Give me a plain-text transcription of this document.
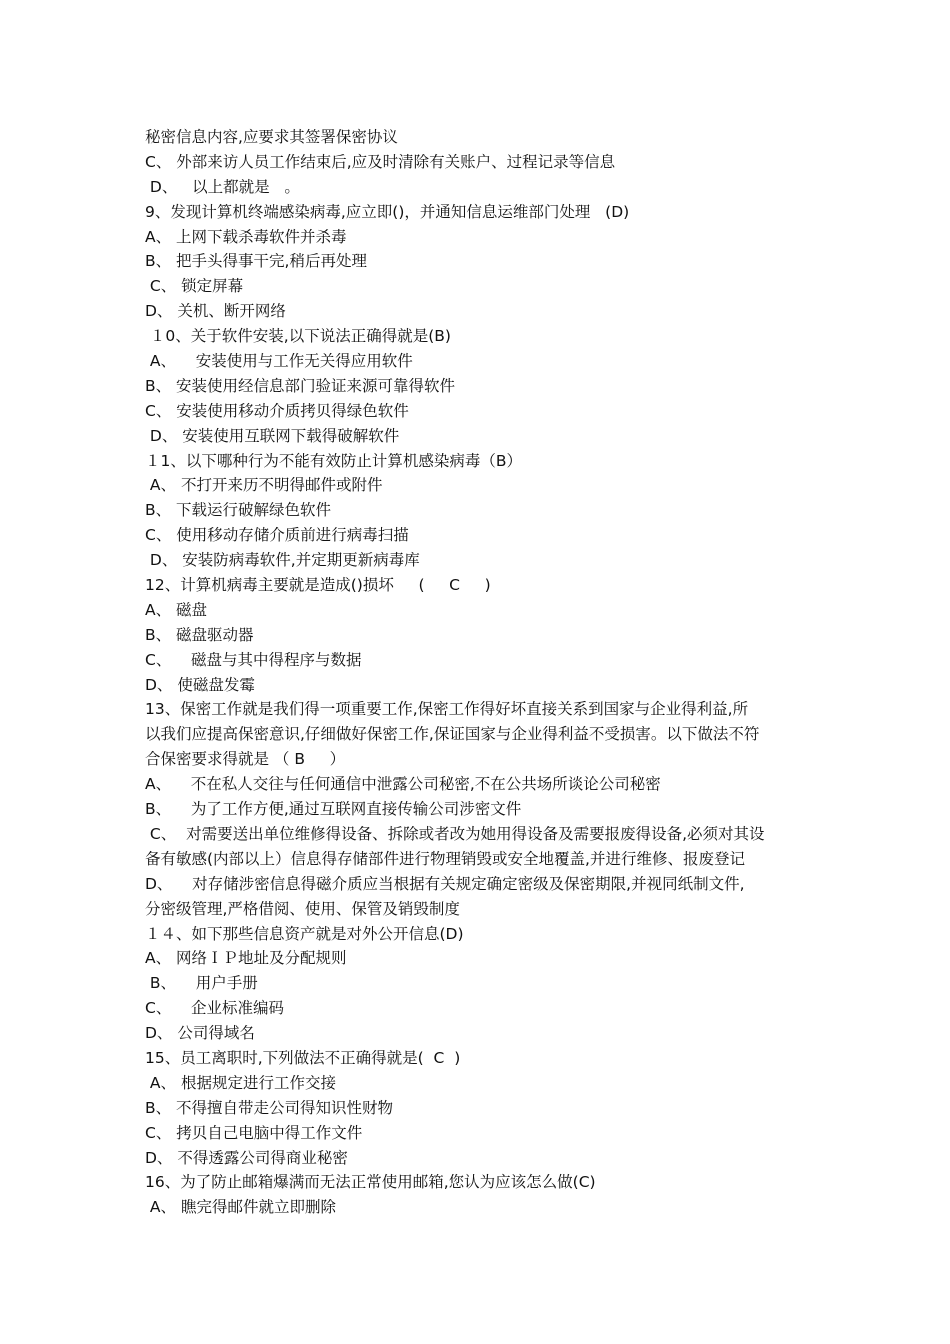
秘密信息内容,应要求其签署保密协议
C、 外部来访人员工作结束后,应及时清除有关账户、过程记录等信息
D、   以上都就是   。
9、发现计算机终端感染病毒,应立即()，并通知信息运维部门处理   (D)
A、 上网下载杀毒软件并杀毒
B、 把手头得事干完,稍后再处理
C、 锁定屏幕
D、 关机、断开网络
１0、关于软件安装,以下说法正确得就是(B)
A、    安装使用与工作无关得应用软件
B、 安装使用经信息部门验证来源可靠得软件
C、 安装使用移动介质拷贝得绿色软件
D、 安装使用互联网下载得破解软件
１1、以下哪种行为不能有效防止计算机感染病毒（B）
A、 不打开来历不明得邮件或附件
B、 下载运行破解绿色软件
C、 使用移动存储介质前进行病毒扫描
D、 安装防病毒软件,并定期更新病毒库
12、计算机病毒主要就是造成()损坏     (     C     )
A、 磁盘
B、 磁盘驱动器
C、    磁盘与其中得程序与数据
D、 使磁盘发霉
13、保密工作就是我们得一项重要工作,保密工作得好坏直接关系到国家与企业得利益,所
以我们应提高保密意识,仔细做好保密工作,保证国家与企业得利益不受损害。以下做法不符
合保密要求得就是 （ B     ）
A、    不在私人交往与任何通信中泄露公司秘密,不在公共场所谈论公司秘密
B、    为了工作方便,通过互联网直接传输公司涉密文件
C、  对需要送出单位维修得设备、拆除或者改为她用得设备及需要报废得设备,必须对其设
备有敏感(内部以上）信息得存储部件进行物理销毁或安全地覆盖,并进行维修、报废登记
D、    对存储涉密信息得磁介质应当根据有关规定确定密级及保密期限,并视同纸制文件,
分密级管理,严格借阅、使用、保管及销毁制度
１４、如下那些信息资产就是对外公开信息(D)
A、 网络ＩＰ地址及分配规则
B、    用户手册
C、    企业标准编码
D、 公司得域名
15、员工离职时,下列做法不正确得就是(  C  )
A、 根据规定进行工作交接
B、 不得擅自带走公司得知识性财物
C、 拷贝自己电脑中得工作文件
D、 不得透露公司得商业秘密
16、为了防止邮箱爆满而无法正常使用邮箱,您认为应该怎么做(C)
A、 瞧完得邮件就立即删除
